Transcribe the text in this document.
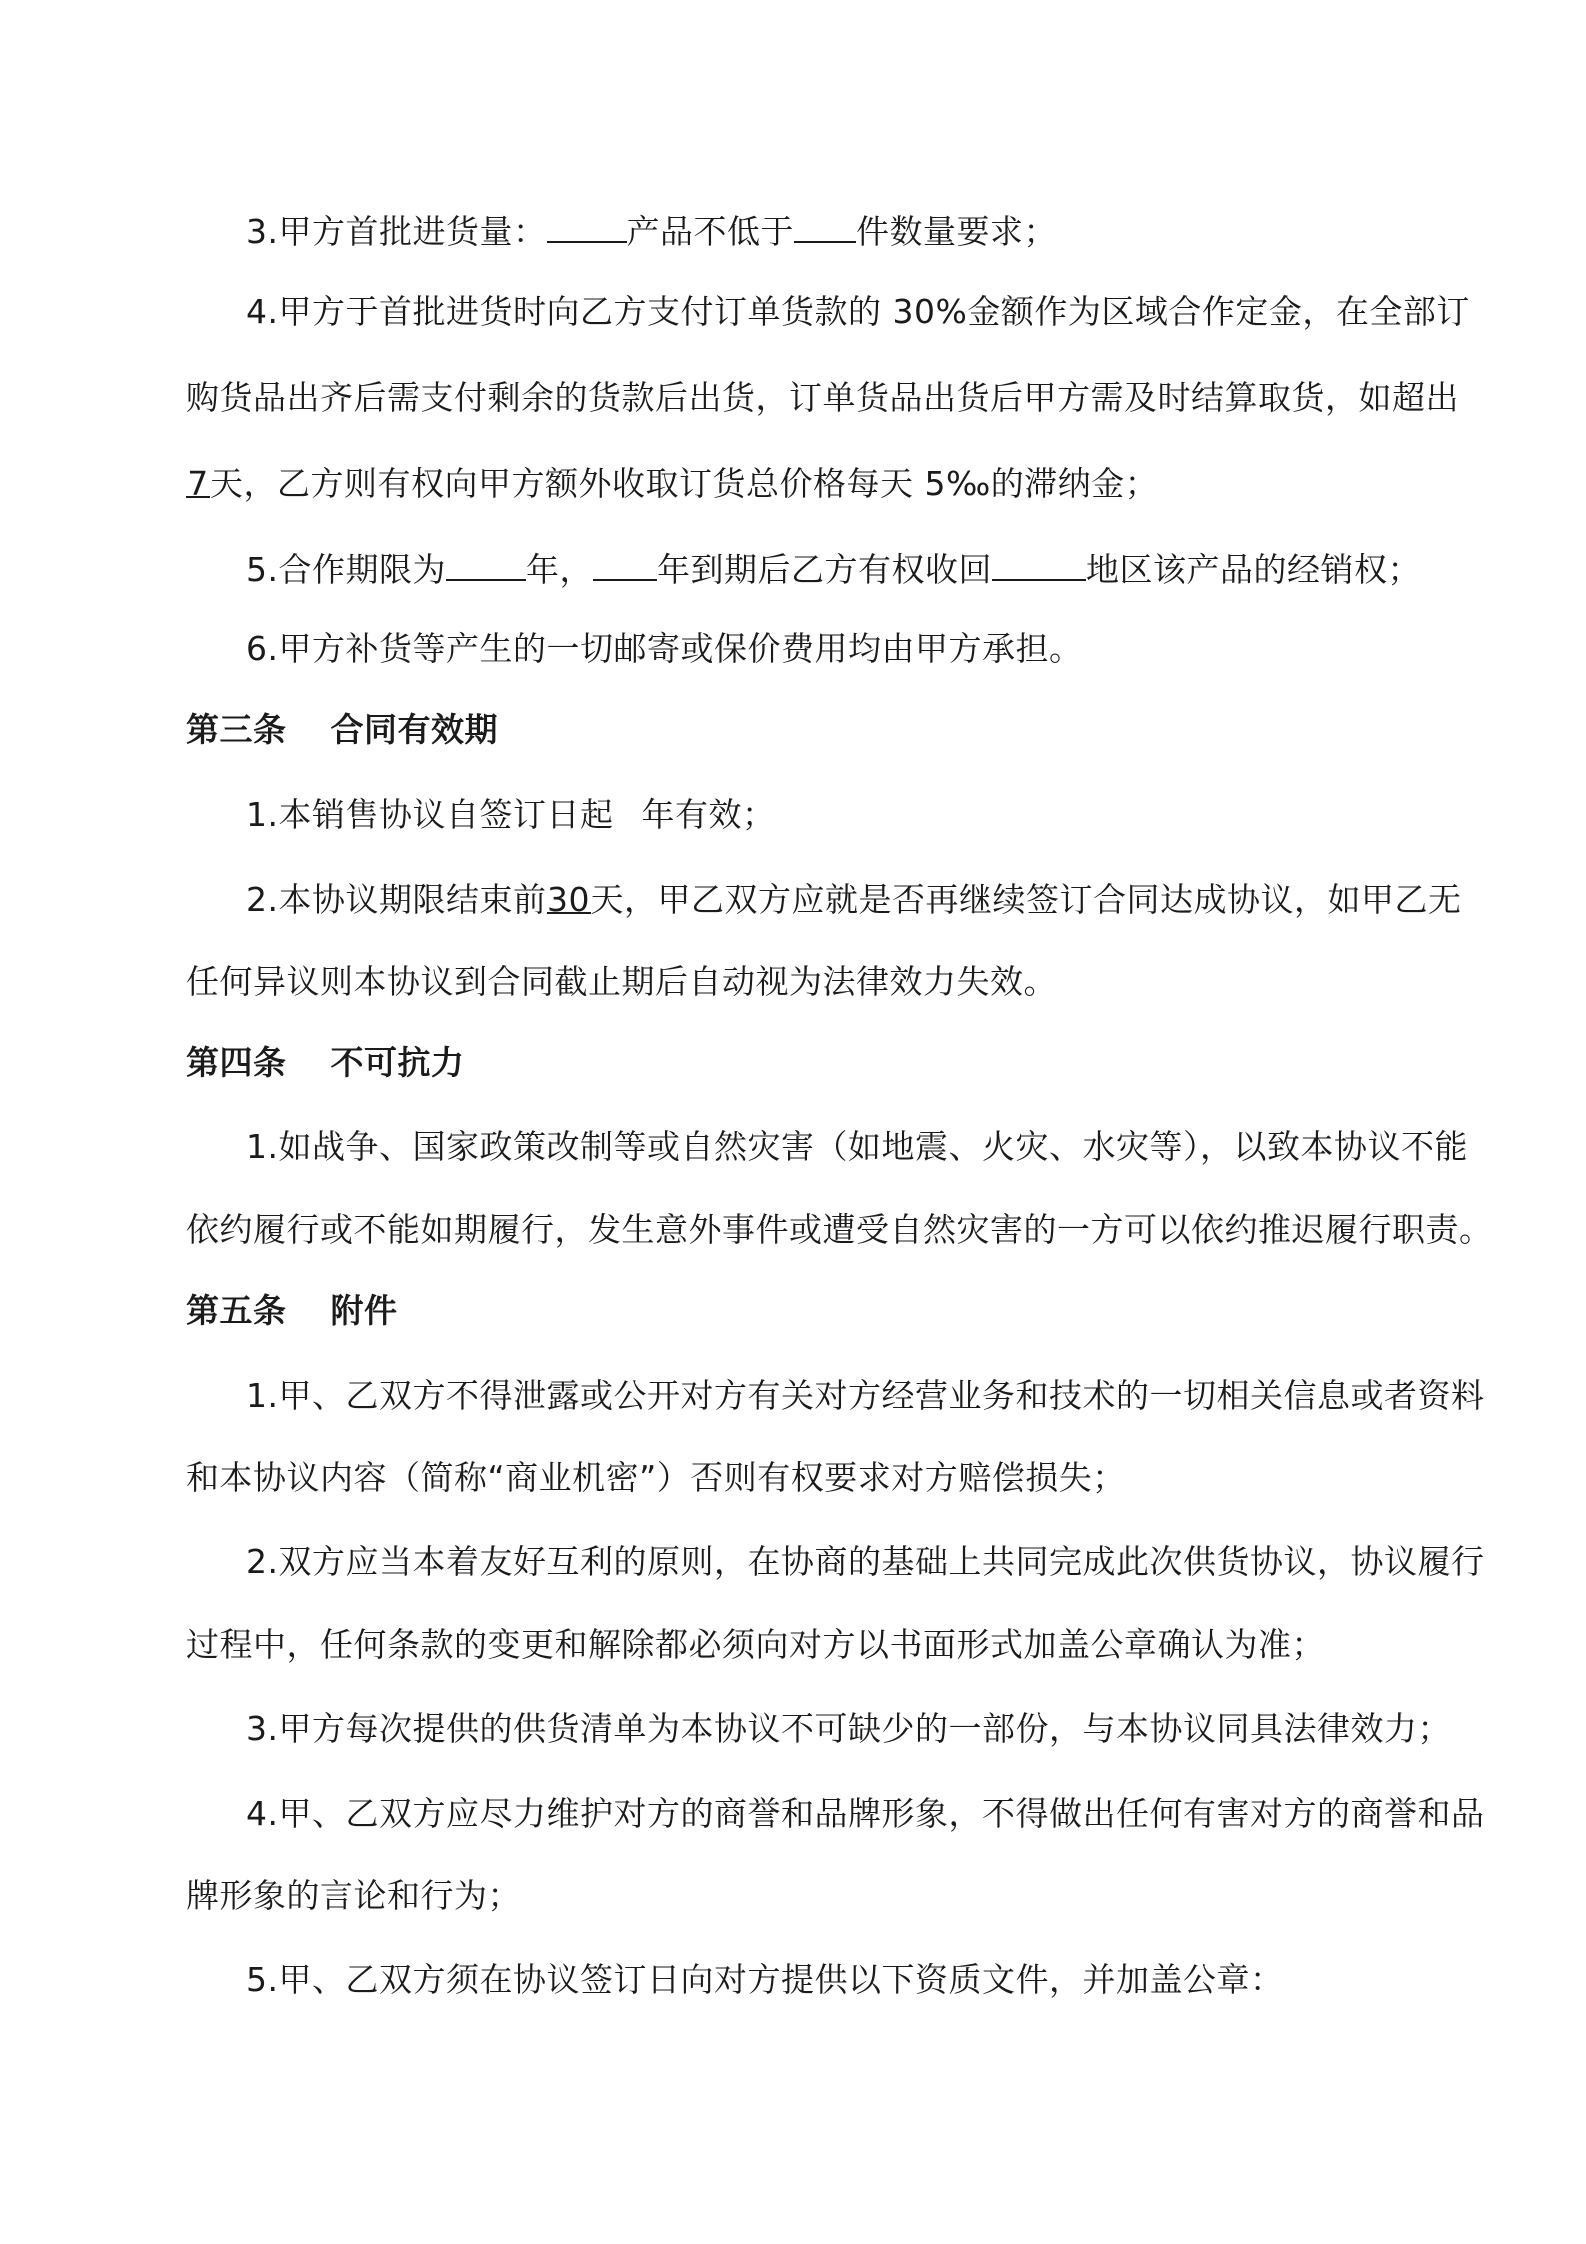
3.甲方首批进货量： 产品不低于 件数量要求；
4.甲方于首批进货时向乙方支付订单货款的 30%金额作为区域合作定金，在全部订
购货品出齐后需支付剩余的货款后出货，订单货品出货后甲方需及时结算取货，如超出
7天，乙方则有权向甲方额外收取订货总价格每天 5‰的滞纳金；
5.合作期限为 年， 年到期后乙方有权收回	地区该产品的经销权；
6.甲方补货等产生的一切邮寄或保价费用均由甲方承担。
第三条 合同有效期
1.本销售协议自签订日起 年有效；
2.本协议期限结束前30天，甲乙双方应就是否再继续签订合同达成协议，如甲乙无
任何异议则本协议到合同截止期后自动视为法律效力失效。
第四条 不可抗力
1.如战争、国家政策改制等或自然灾害（如地震、火灾、水灾等），以致本协议不能
依约履行或不能如期履行，发生意外事件或遭受自然灾害的一方可以依约推迟履行职责。
第五条 附件
1.甲、乙双方不得泄露或公开对方有关对方经营业务和技术的一切相关信息或者资料
和本协议内容（简称“商业机密”）否则有权要求对方赔偿损失；
2.双方应当本着友好互利的原则，在协商的基础上共同完成此次供货协议，协议履行
过程中，任何条款的变更和解除都必须向对方以书面形式加盖公章确认为准；
3.甲方每次提供的供货清单为本协议不可缺少的一部份，与本协议同具法律效力；
4.甲、乙双方应尽力维护对方的商誉和品牌形象，不得做出任何有害对方的商誉和品
牌形象的言论和行为；
5.甲、乙双方须在协议签订日向对方提供以下资质文件，并加盖公章：
